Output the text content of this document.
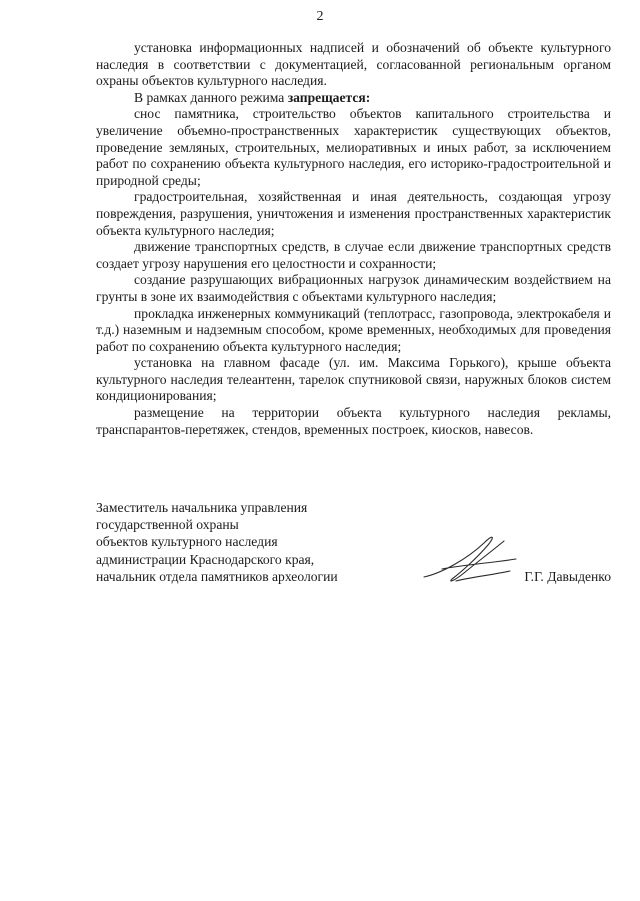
2

установка информационных надписей и обозначений об объекте культурного наследия в соответствии с документацией, согласованной региональным органом охраны объектов культурного наследия.

В рамках данного режима запрещается:

снос памятника, строительство объектов капитального строительства и увеличение объемно-пространственных характеристик существующих объектов, проведение земляных, строительных, мелиоративных и иных работ, за исключением работ по сохранению объекта культурного наследия, его историко-градостроительной и природной среды;

градостроительная, хозяйственная и иная деятельность, создающая угрозу повреждения, разрушения, уничтожения и изменения пространственных характеристик объекта культурного наследия;

движение транспортных средств, в случае если движение транспортных средств создает угрозу нарушения его целостности и сохранности;

создание разрушающих вибрационных нагрузок динамическим воздействием на грунты в зоне их взаимодействия с объектами культурного наследия;

прокладка инженерных коммуникаций (теплотрасс, газопровода, электрокабеля и т.д.) наземным и надземным способом, кроме временных, необходимых для проведения работ по сохранению объекта культурного наследия;

установка на главном фасаде (ул. им. Максима Горького), крыше объекта культурного наследия телеантенн, тарелок спутниковой связи, наружных блоков систем кондиционирования;

размещение на территории объекта культурного наследия рекламы, транспарантов-перетяжек, стендов, временных построек, киосков, навесов.

Заместитель начальника управления
государственной охраны
объектов культурного наследия
администрации Краснодарского края,
начальник отдела памятников археологии	Г.Г. Давыденко
